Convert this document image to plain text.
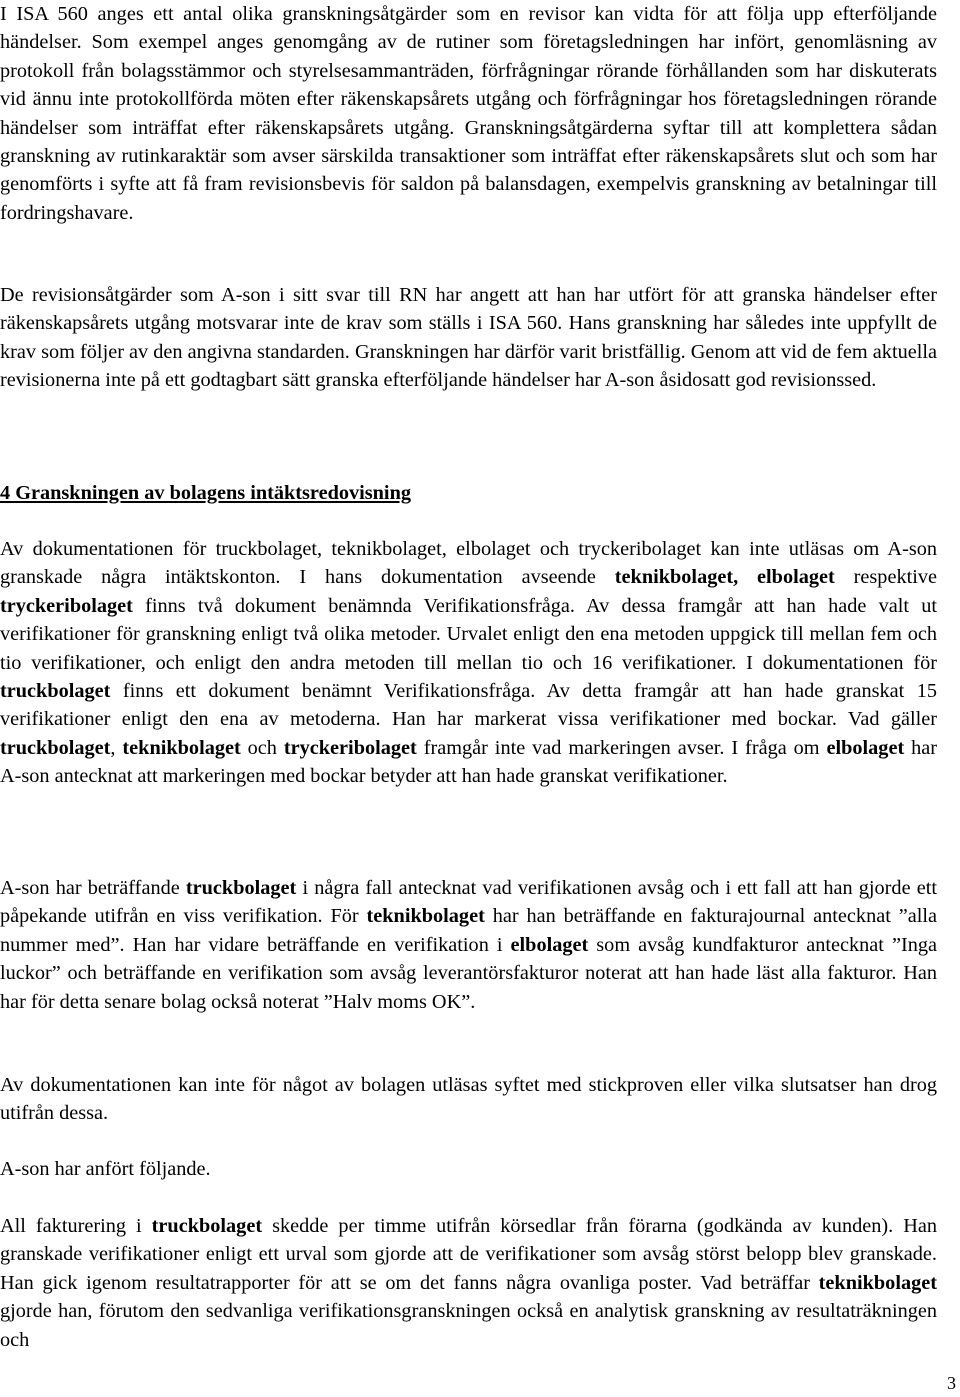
I ISA 560 anges ett antal olika granskningsåtgärder som en revisor kan vidta för att följa upp efterföljande händelser. Som exempel anges genomgång av de rutiner som företagsledningen har infört, genomläsning av protokoll från bolagsstämmor och styrelsesammanträden, förfrågningar rörande förhållanden som har diskuterats vid ännu inte protokollförda möten efter räkenskapsårets utgång och förfrågningar hos företagsledningen rörande händelser som inträffat efter räkenskapsårets utgång. Granskningsåtgärderna syftar till att komplettera sådan granskning av rutinkaraktär som avser särskilda transaktioner som inträffat efter räkenskapsårets slut och som har genomförts i syfte att få fram revisionsbevis för saldon på balansdagen, exempelvis granskning av betalningar till fordringshavare.

De revisionsåtgärder som A-son i sitt svar till RN har angett att han har utfört för att granska händelser efter räkenskapsårets utgång motsvarar inte de krav som ställs i ISA 560. Hans granskning har således inte uppfyllt de krav som följer av den angivna standarden. Granskningen har därför varit bristfällig. Genom att vid de fem aktuella revisionerna inte på ett godtagbart sätt granska efterföljande händelser har A-son åsidosatt god revisionssed.

4 Granskningen av bolagens intäktsredovisning

Av dokumentationen för truckbolaget, teknikbolaget, elbolaget och tryckeribolaget kan inte utläsas om A-son granskade några intäktskonton. I hans dokumentation avseende teknikbolaget, elbolaget respektive tryckeribolaget finns två dokument benämnda Verifikationsfråga. Av dessa framgår att han hade valt ut verifikationer för granskning enligt två olika metoder. Urvalet enligt den ena metoden uppgick till mellan fem och tio verifikationer, och enligt den andra metoden till mellan tio och 16 verifikationer. I dokumentationen för truckbolaget finns ett dokument benämnt Verifikationsfråga. Av detta framgår att han hade granskat 15 verifikationer enligt den ena av metoderna. Han har markerat vissa verifikationer med bockar. Vad gäller truckbolaget, teknikbolaget och tryckeribolaget framgår inte vad markeringen avser. I fråga om elbolaget har A-son antecknat att markeringen med bockar betyder att han hade granskat verifikationer.

A-son har beträffande truckbolaget i några fall antecknat vad verifikationen avsåg och i ett fall att han gjorde ett påpekande utifrån en viss verifikation. För teknikbolaget har han beträffande en fakturajournal antecknat ”alla nummer med”. Han har vidare beträffande en verifikation i elbolaget som avsåg kundfakturor antecknat ”Inga luckor” och beträffande en verifikation som avsåg leverantörsfakturor noterat att han hade läst alla fakturor. Han har för detta senare bolag också noterat ”Halv moms OK”.

Av dokumentationen kan inte för något av bolagen utläsas syftet med stickproven eller vilka slutsatser han drog utifrån dessa.

A-son har anfört följande.

All fakturering i truckbolaget skedde per timme utifrån körsedlar från förarna (godkända av kunden). Han granskade verifikationer enligt ett urval som gjorde att de verifikationer som avsåg störst belopp blev granskade. Han gick igenom resultatrapporter för att se om det fanns några ovanliga poster. Vad beträffar teknikbolaget gjorde han, förutom den sedvanliga verifikationsgranskningen också en analytisk granskning av resultaträkningen och

3
